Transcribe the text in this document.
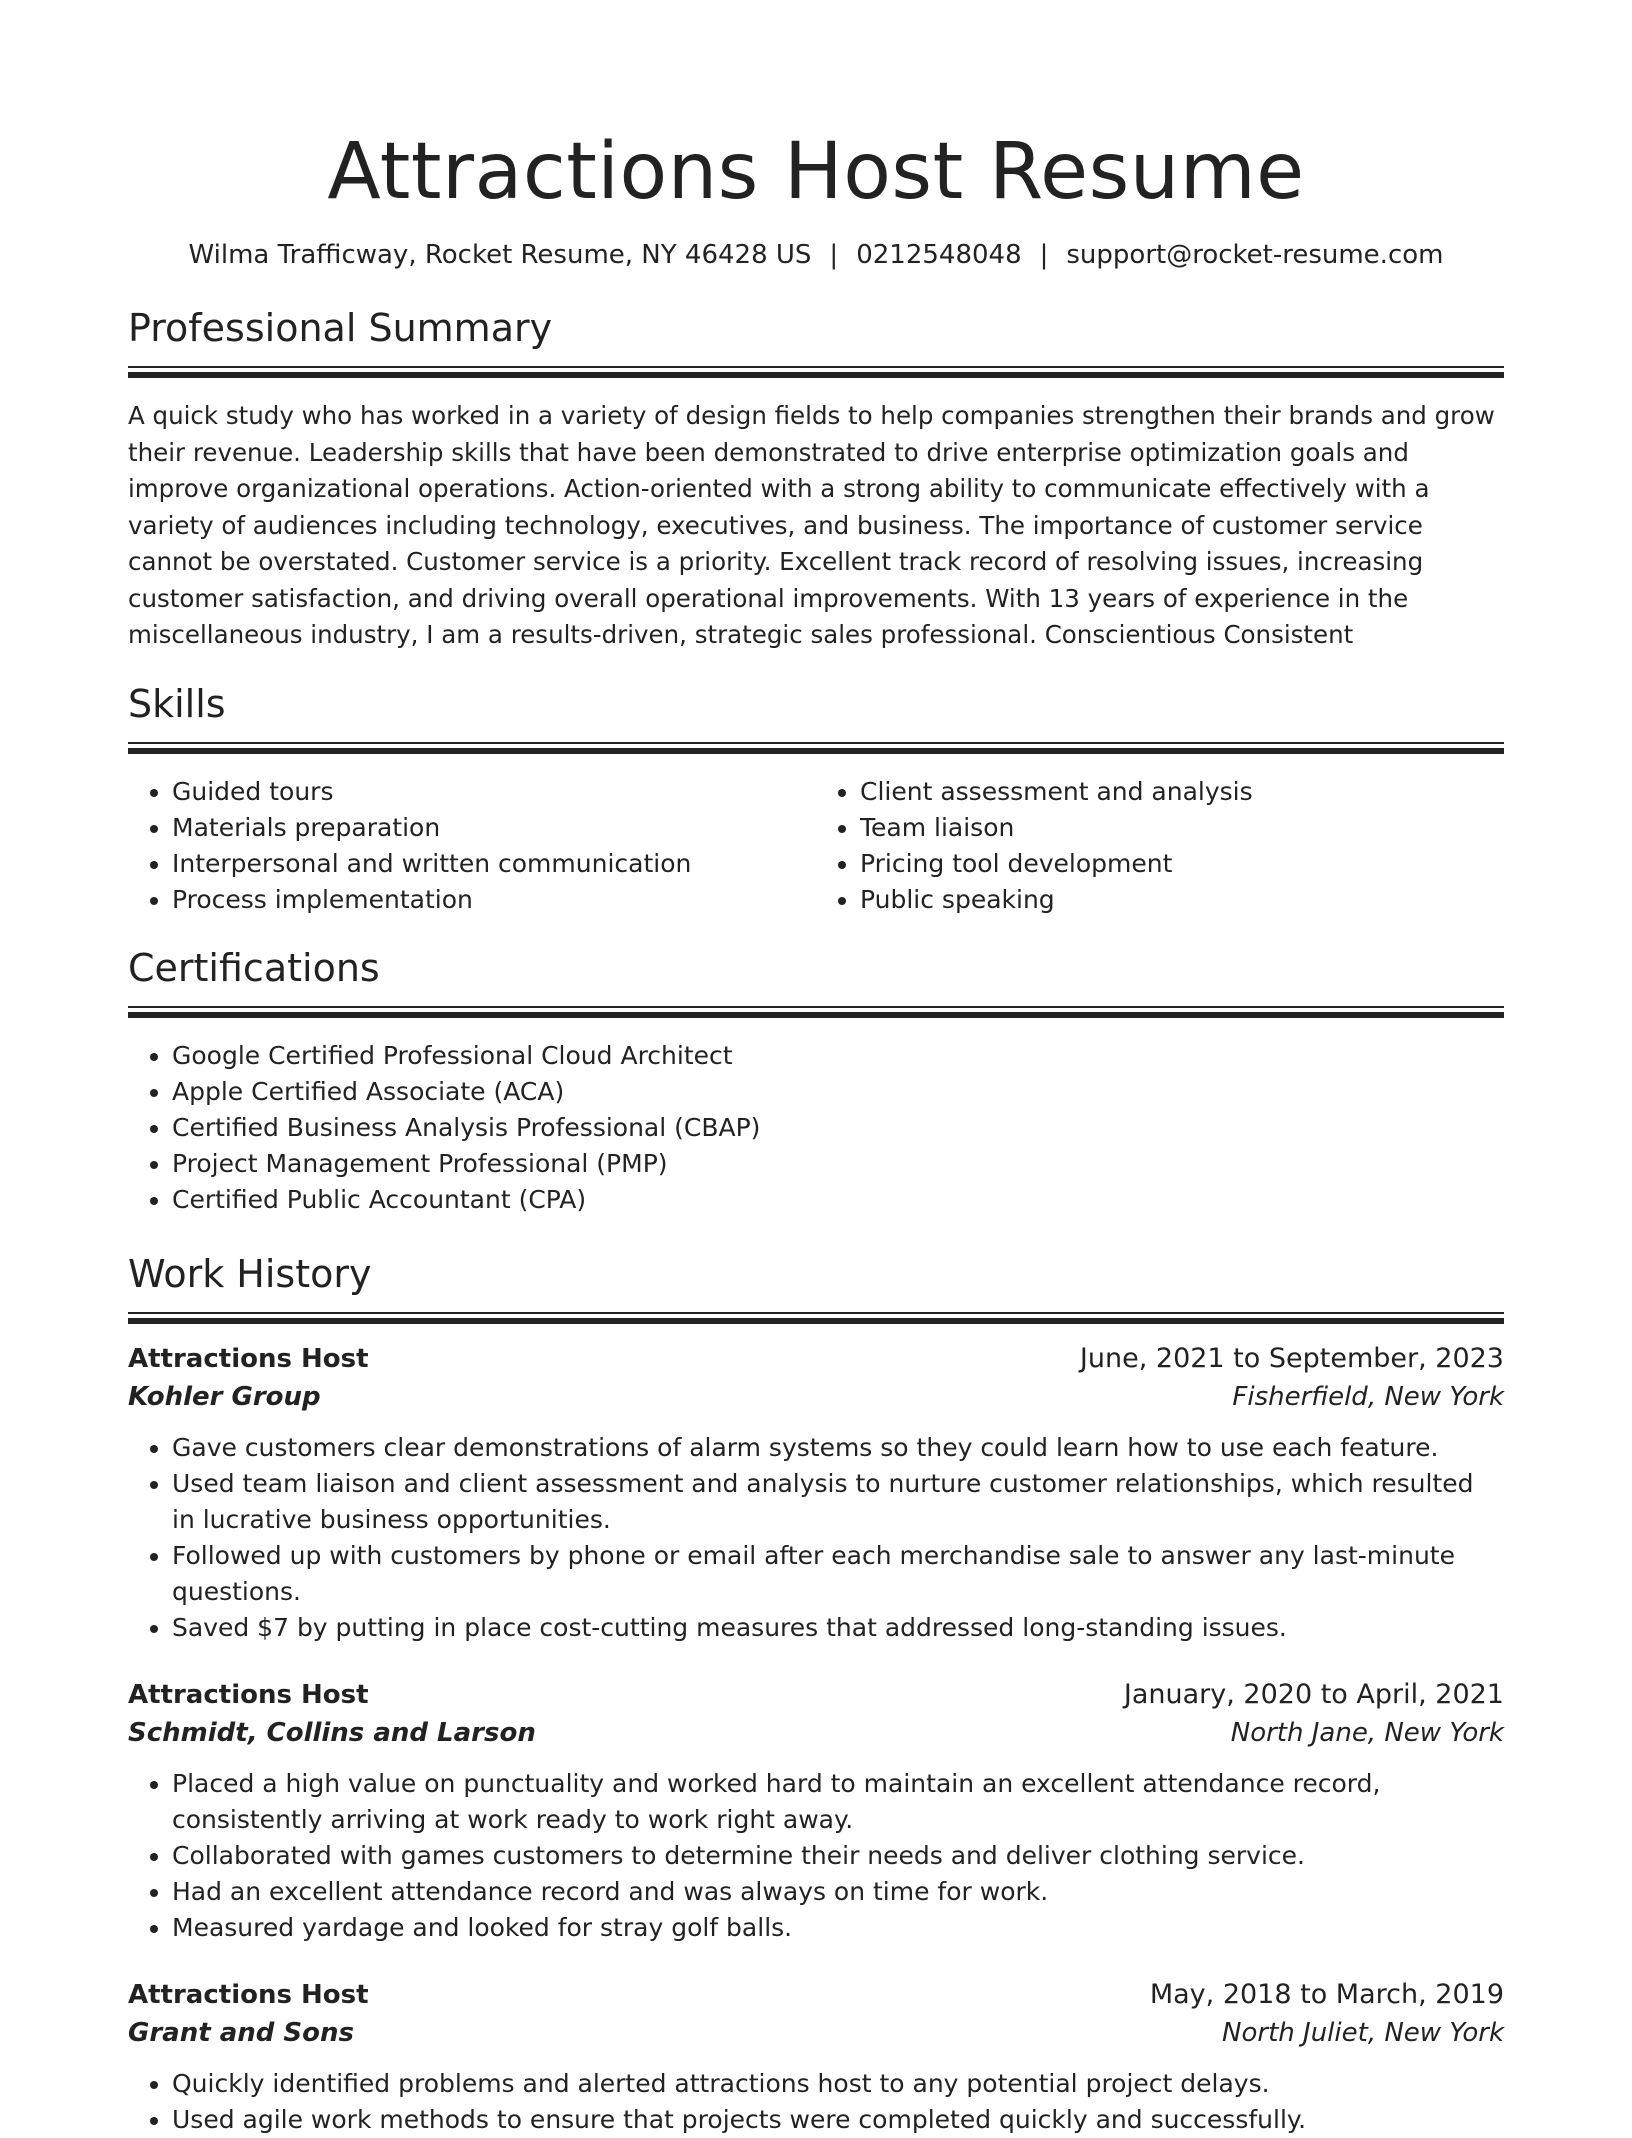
Attractions Host Resume
Wilma Trafficway, Rocket Resume, NY 46428 US | 0212548048 | support@rocket-resume.com
Professional Summary

A quick study who has worked in a variety of design fields to help companies strengthen their brands and grow their revenue. Leadership skills that have been demonstrated to drive enterprise optimization goals and improve organizational operations. Action-oriented with a strong ability to communicate effectively with a variety of audiences including technology, executives, and business. The importance of customer service cannot be overstated. Customer service is a priority. Excellent track record of resolving issues, increasing customer satisfaction, and driving overall operational improvements. With 13 years of experience in the miscellaneous industry, I am a results-driven, strategic sales professional. Conscientious Consistent

Skills
• Guided tours
• Materials preparation
• Interpersonal and written communication
• Process implementation
• Client assessment and analysis
• Team liaison
• Pricing tool development
• Public speaking
Certifications
• Google Certified Professional Cloud Architect
• Apple Certified Associate (ACA)
• Certified Business Analysis Professional (CBAP)
• Project Management Professional (PMP)
• Certified Public Accountant (CPA)
Work History
Attractions Host	June, 2021 to September, 2023
Kohler Group	Fisherfield, New York
• Gave customers clear demonstrations of alarm systems so they could learn how to use each feature.
• Used team liaison and client assessment and analysis to nurture customer relationships, which resulted in lucrative business opportunities.
• Followed up with customers by phone or email after each merchandise sale to answer any last-minute questions.
• Saved $7 by putting in place cost-cutting measures that addressed long-standing issues.
Attractions Host	January, 2020 to April, 2021
Schmidt, Collins and Larson	North Jane, New York
• Placed a high value on punctuality and worked hard to maintain an excellent attendance record, consistently arriving at work ready to work right away.
• Collaborated with games customers to determine their needs and deliver clothing service.
• Had an excellent attendance record and was always on time for work.
• Measured yardage and looked for stray golf balls.
Attractions Host	May, 2018 to March, 2019
Grant and Sons	North Juliet, New York
• Quickly identified problems and alerted attractions host to any potential project delays.
• Used agile work methods to ensure that projects were completed quickly and successfully.
